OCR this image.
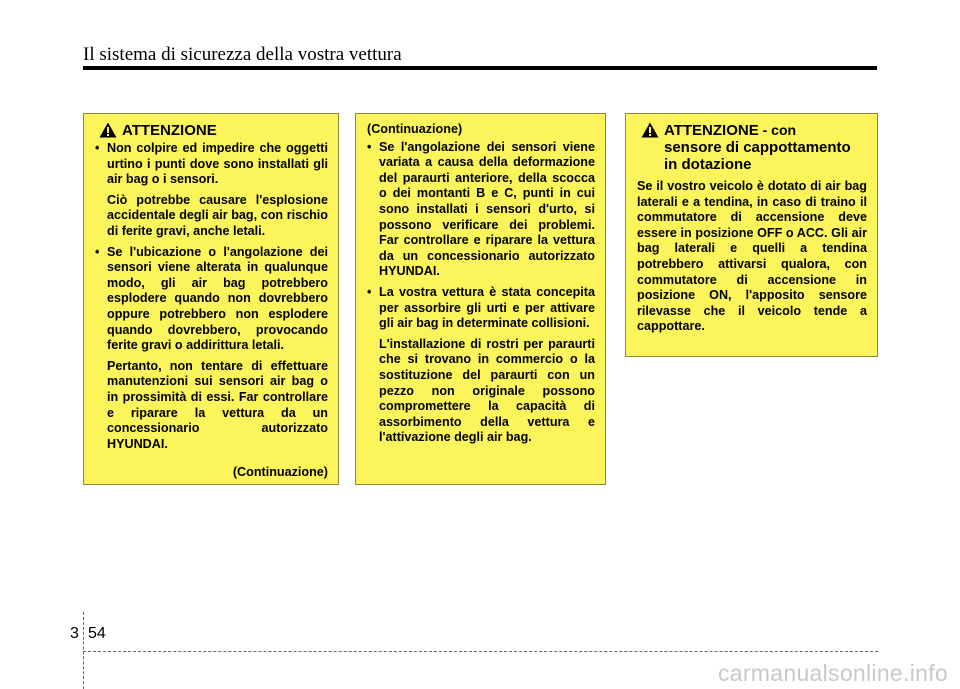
Il sistema di sicurezza della vostra vettura
ATTENZIONE

• Non colpire ed impedire che oggetti urtino i punti dove sono installati gli air bag o i sensori.

Ciò potrebbe causare l'esplosione accidentale degli air bag, con rischio di ferite gravi, anche letali.

• Se l'ubicazione o l'angolazione dei sensori viene alterata in qualunque modo, gli air bag potrebbero esplodere quando non dovrebbero oppure potrebbero non esplodere quando dovrebbero, provocando ferite gravi o addirittura letali.

Pertanto, non tentare di effettuare manutenzioni sui sensori air bag o in prossimità di essi. Far controllare e riparare la vettura da un concessionario autorizzato HYUNDAI.

(Continuazione)

(Continuazione)

• Se l'angolazione dei sensori viene variata a causa della deformazione del paraurti anteriore, della scocca o dei montanti B e C, punti in cui sono installati i sensori d'urto, si possono verificare dei problemi. Far controllare e riparare la vettura da un concessionario autorizzato HYUNDAI.

• La vostra vettura è stata concepita per assorbire gli urti e per attivare gli air bag in determinate collisioni.

L'installazione di rostri per paraurti che si trovano in commercio o la sostituzione del paraurti con un pezzo non originale possono compromettere la capacità di assorbimento della vettura e l'attivazione degli air bag.

ATTENZIONE - con
sensore di cappottamento
in dotazione

Se il vostro veicolo è dotato di air bag laterali e a tendina, in caso di traino il commutatore di accensione deve essere in posizione OFF o ACC. Gli air bag laterali e quelli a tendina potrebbero attivarsi qualora, con commutatore di accensione in posizione ON, l'apposito sensore rilevasse che il veicolo tende a cappottare.

3 54
carmanualsonline.info
